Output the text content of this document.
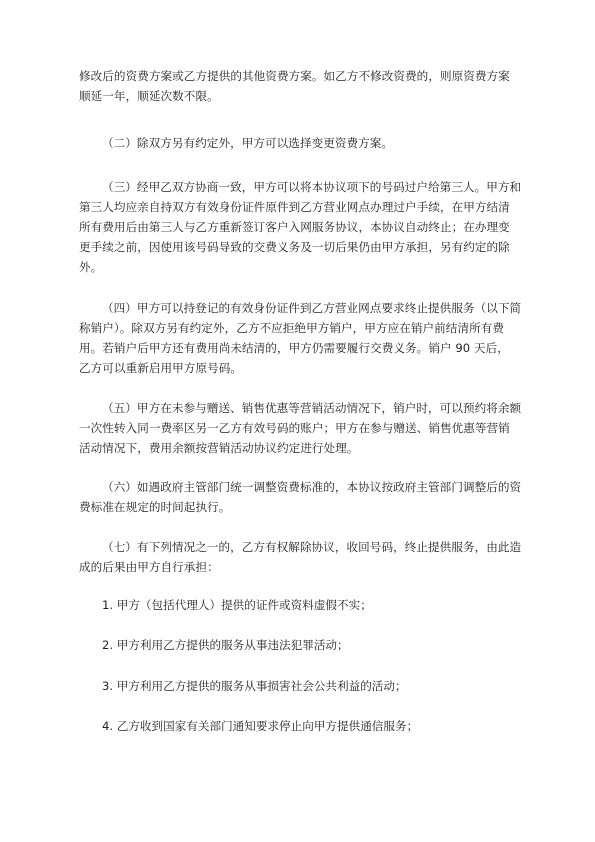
修改后的资费方案或乙方提供的其他资费方案。如乙方不修改资费的，则原资费方案
顺延一年，顺延次数不限。
（二）除双方另有约定外，甲方可以选择变更资费方案。
（三）经甲乙双方协商一致，甲方可以将本协议项下的号码过户给第三人。甲方和
第三人均应亲自持双方有效身份证件原件到乙方营业网点办理过户手续，在甲方结清
所有费用后由第三人与乙方重新签订客户入网服务协议，本协议自动终止；在办理变
更手续之前，因使用该号码导致的交费义务及一切后果仍由甲方承担，另有约定的除
外。
（四）甲方可以持登记的有效身份证件到乙方营业网点要求终止提供服务（以下简
称销户）。除双方另有约定外，乙方不应拒绝甲方销户，甲方应在销户前结清所有费
用。若销户后甲方还有费用尚未结清的，甲方仍需要履行交费义务。销户 90 天后，
乙方可以重新启用甲方原号码。
（五）甲方在未参与赠送、销售优惠等营销活动情况下，销户时，可以预约将余额
一次性转入同一费率区另一乙方有效号码的账户；甲方在参与赠送、销售优惠等营销
活动情况下，费用余额按营销活动协议约定进行处理。
（六）如遇政府主管部门统一调整资费标准的，本协议按政府主管部门调整后的资
费标准在规定的时间起执行。
（七）有下列情况之一的，乙方有权解除协议，收回号码，终止提供服务，由此造
成的后果由甲方自行承担：
1. 甲方（包括代理人）提供的证件或资料虚假不实；
2. 甲方利用乙方提供的服务从事违法犯罪活动；
3. 甲方利用乙方提供的服务从事损害社会公共利益的活动；
4. 乙方收到国家有关部门通知要求停止向甲方提供通信服务；
